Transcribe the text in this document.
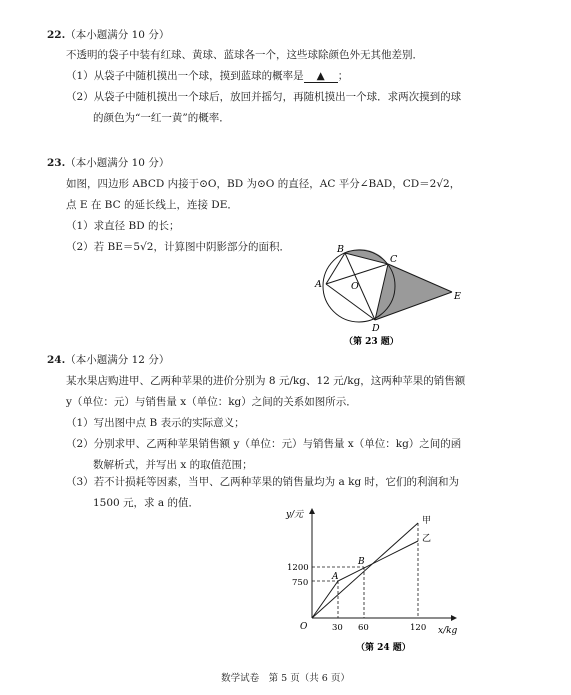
22.（本小题满分 10 分）
不透明的袋子中装有红球、黄球、蓝球各一个，这些球除颜色外无其他差别．
（1）从袋子中随机摸出一个球，摸到蓝球的概率是 ▲ ；
（2）从袋子中随机摸出一个球后，放回并摇匀，再随机摸出一个球．求两次摸到的球
的颜色为“一红一黄”的概率．
23.（本小题满分 10 分）
如图，四边形 ABCD 内接于⊙O，BD 为⊙O 的直径，AC 平分∠BAD，CD＝2√2，
点 E 在 BC 的延长线上，连接 DE．
（1）求直径 BD 的长；
（2）若 BE＝5√2，计算图中阴影部分的面积．	B
C
A	O
E
D
（第 23 题）
24.（本小题满分 12 分）
某水果店购进甲、乙两种苹果的进价分别为 8 元/kg、12 元/kg，这两种苹果的销售额
y（单位：元）与销售量 x（单位：kg）之间的关系如图所示．
（1）写出图中点 B 表示的实际意义；
（2）分别求甲、乙两种苹果销售额 y（单位：元）与销售量 x（单位：kg）之间的函
数解析式，并写出 x 的取值范围；
（3）若不计损耗等因素，当甲、乙两种苹果的销售量均为 a kg 时，它们的利润和为
1500 元，求 a 的值．
y/元
x/kg
O
1200
750
30 60	120
A
B
甲
乙
（第 24 题）
数学试卷　第 5 页（共 6 页）
